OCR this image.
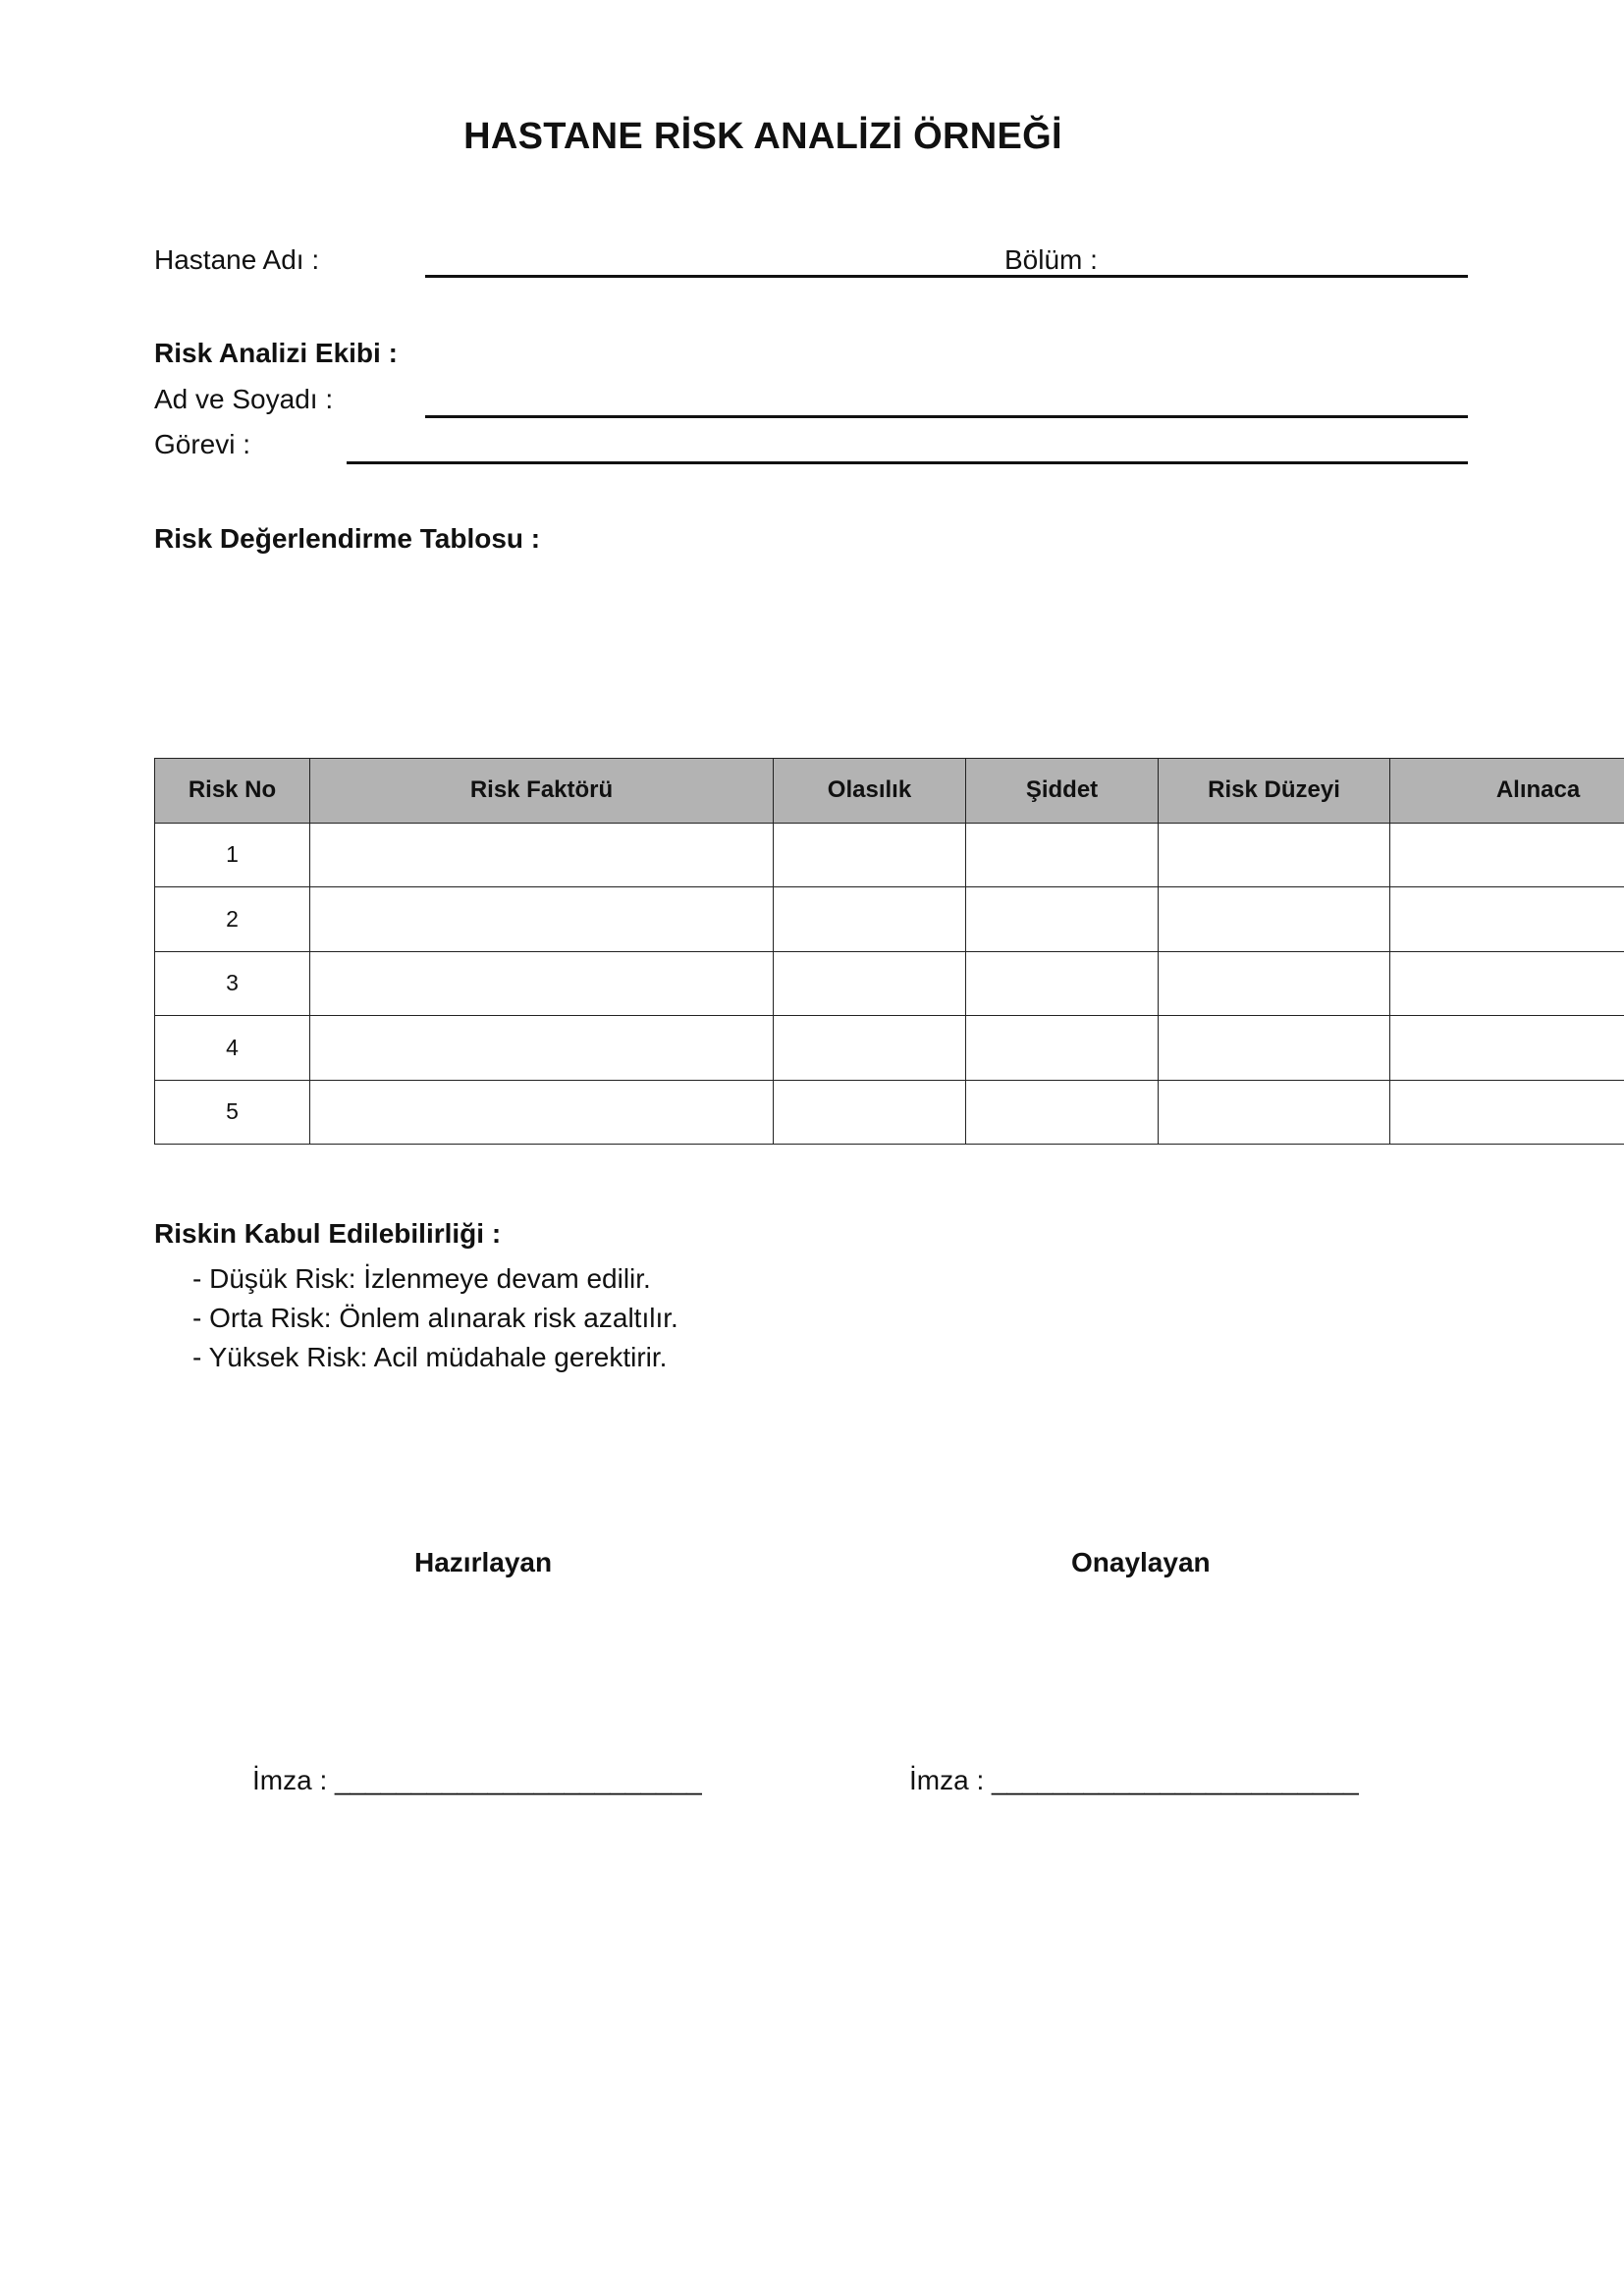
HASTANE RİSK ANALİZİ ÖRNEĞİ
Hastane Adı :	Bölüm :
Risk Analizi Ekibi :
Ad ve Soyadı :
Görevi :
Risk Değerlendirme Tablosu :
Risk No	Risk Faktörü	Olasılık	Şiddet	Risk Düzeyi	Alınaca
1					
2					
3					
4					
5					
Riskin Kabul Edilebilirliği :
- Düşük Risk: İzlenmeye devam edilir.
- Orta Risk: Önlem alınarak risk azaltılır.
- Yüksek Risk: Acil müdahale gerektirir.
Hazırlayan	Onaylayan
İmza : ________________________	İmza : ________________________
